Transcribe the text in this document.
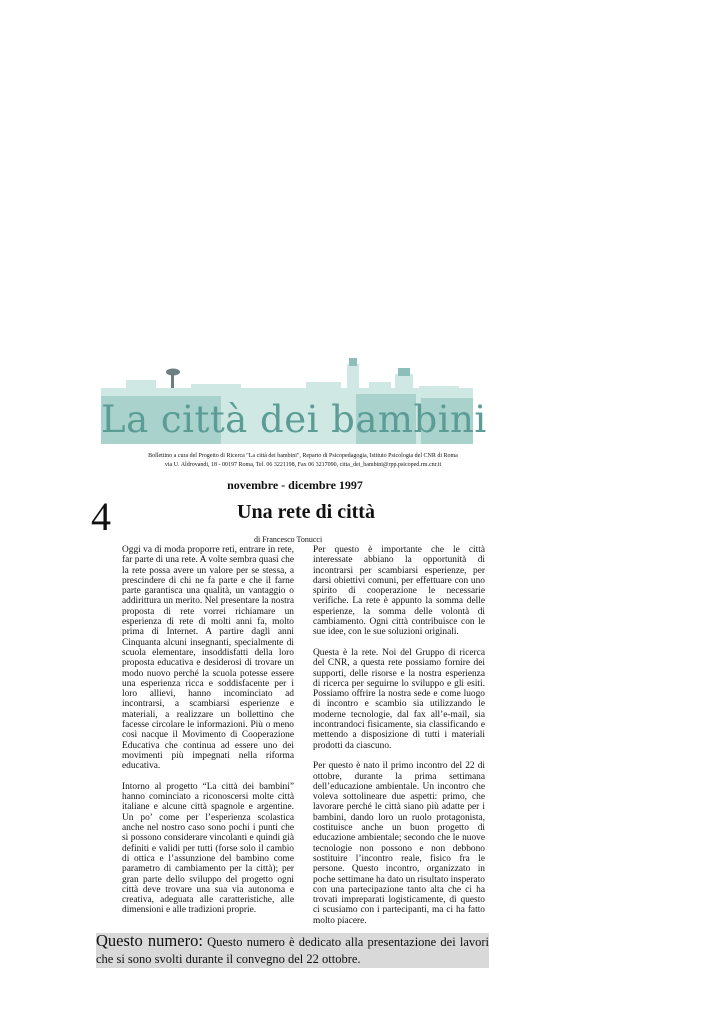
La città dei bambini
Bollettino a cura del Progetto di Ricerca "La città dei bambini", Reparto di Psicopedagogia, Istituto Psicologia del CNR di Roma
via U. Aldrovandi, 18 - 00197 Roma, Tel. 06 3221198, Fax 06 3217090, citta_dei_bambini@rpp.psicoped.rm.cnr.it
novembre - dicembre 1997
4	Una rete di città
di Francesco Tonucci

Oggi va di moda proporre reti, entrare in rete, far parte di una rete. A volte sembra quasi che la rete possa avere un valore per se stessa, a prescindere di chi ne fa parte e che il farne parte garantisca una qualità, un vantaggio o addirittura un merito. Nel presentare la nostra proposta di rete vorrei richiamare un esperienza di rete di molti anni fa, molto prima di Internet. A partire dagli anni Cinquanta alcuni insegnanti, specialmente di scuola elementare, insoddisfatti della loro proposta educativa e desiderosi di trovare un modo nuovo perché la scuola potesse essere una esperienza ricca e soddisfacente per i loro allievi, hanno incominciato ad incontrarsi, a scambiarsi esperienze e materiali, a realizzare un bollettino che facesse circolare le informazioni. Più o meno così nacque il Movimento di Cooperazione Educativa che continua ad essere uno dei movimenti più impegnati nella riforma educativa.

Intorno al progetto “La città dei bambini” hanno cominciato a riconoscersi molte città italiane e alcune città spagnole e argentine. Un po’ come per l’esperienza scolastica anche nel nostro caso sono pochi i punti che si possono considerare vincolanti e quindi già definiti e validi per tutti (forse solo il cambio di ottica e l’assunzione del bambino come parametro di cambiamento per la città); per gran parte dello sviluppo del progetto ogni città deve trovare una sua via autonoma e creativa, adeguata alle caratteristiche, alle dimensioni e alle tradizioni proprie.

Per questo è importante che le città interessate abbiano la opportunità di incontrarsi per scambiarsi esperienze, per darsi obiettivi comuni, per effettuare con uno spirito di cooperazione le necessarie verifiche. La rete è appunto la somma delle esperienze, la somma delle volontà di cambiamento. Ogni città contribuisce con le sue idee, con le sue soluzioni originali.

Questa è la rete. Noi del Gruppo di ricerca del CNR, a questa rete possiamo fornire dei supporti, delle risorse e la nostra esperienza di ricerca per seguirne lo sviluppo e gli esiti. Possiamo offrire la nostra sede e come luogo di incontro e scambio sia utilizzando le moderne tecnologie, dal fax all’e-mail, sia incontrandoci fisicamente, sia classificando e mettendo a disposizione di tutti i materiali prodotti da ciascuno.

Per questo è nato il primo incontro del 22 di ottobre, durante la prima settimana dell’educazione ambientale. Un incontro che voleva sottolineare due aspetti: primo, che lavorare perché le città siano più adatte per i bambini, dando loro un ruolo protagonista, costituisce anche un buon progetto di educazione ambientale; secondo che le nuove tecnologie non possono e non debbono sostituire l’incontro reale, fisico fra le persone. Questo incontro, organizzato in poche settimane ha dato un risultato insperato con una partecipazione tanto alta che ci ha trovati impreparati logisticamente, di questo ci scusiamo con i partecipanti, ma ci ha fatto molto piacere.

Questo numero: Questo numero è dedicato alla presentazione dei lavori che si sono svolti durante il convegno del 22 ottobre.
